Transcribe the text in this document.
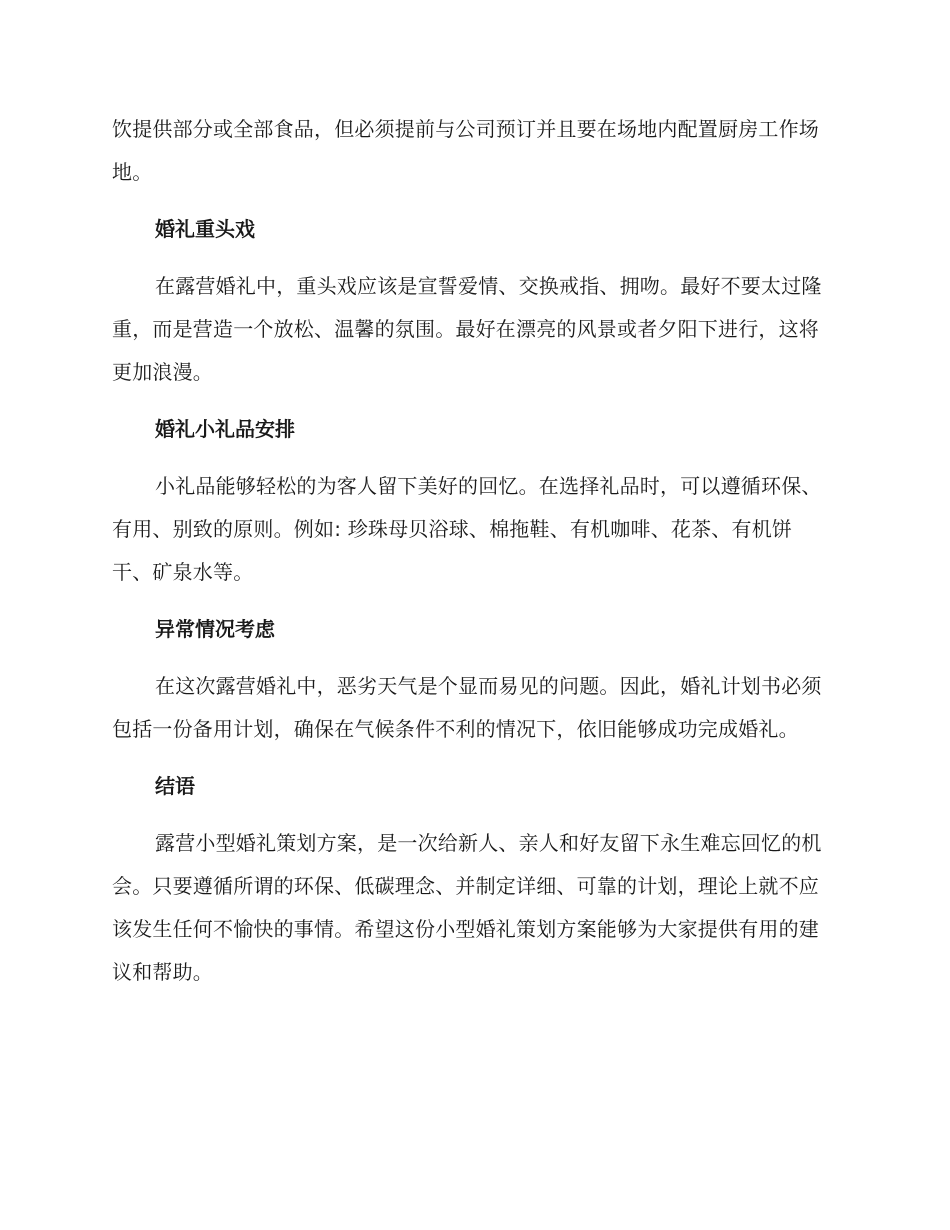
饮提供部分或全部食品，但必须提前与公司预订并且要在场地内配置厨房工作场地。

婚礼重头戏

在露营婚礼中，重头戏应该是宣誓爱情、交换戒指、拥吻。最好不要太过隆重，而是营造一个放松、温馨的氛围。最好在漂亮的风景或者夕阳下进行，这将更加浪漫。

婚礼小礼品安排

小礼品能够轻松的为客人留下美好的回忆。在选择礼品时，可以遵循环保、有用、别致的原则。例如: 珍珠母贝浴球、棉拖鞋、有机咖啡、花茶、有机饼干、矿泉水等。

异常情况考虑

在这次露营婚礼中，恶劣天气是个显而易见的问题。因此，婚礼计划书必须包括一份备用计划，确保在气候条件不利的情况下，依旧能够成功完成婚礼。

结语

露营小型婚礼策划方案，是一次给新人、亲人和好友留下永生难忘回忆的机会。只要遵循所谓的环保、低碳理念、并制定详细、可靠的计划，理论上就不应该发生任何不愉快的事情。希望这份小型婚礼策划方案能够为大家提供有用的建议和帮助。
